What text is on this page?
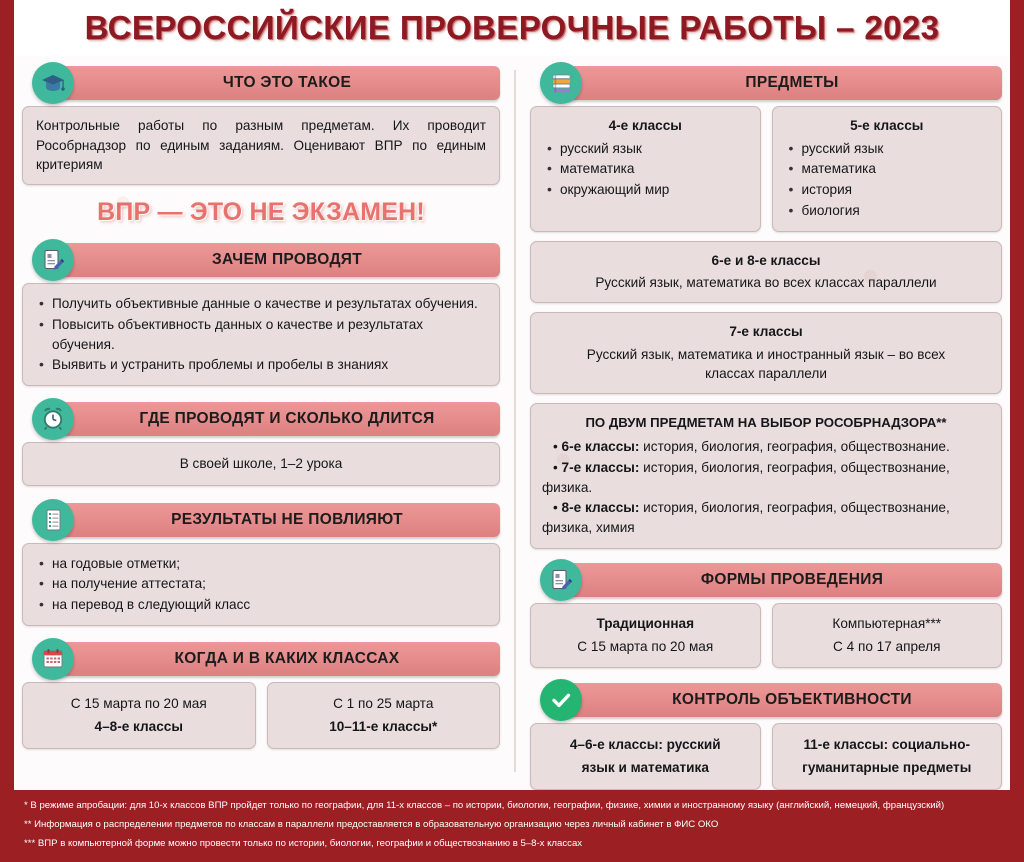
ВСЕРОССИЙСКИЕ ПРОВЕРОЧНЫЕ РАБОТЫ – 2023
ЧТО ЭТО ТАКОЕ
Контрольные работы по разным предметам. Их проводит Рособрнадзор по единым заданиям. Оценивают ВПР по единым критериям
ВПР — ЭТО НЕ ЭКЗАМЕН!
ЗАЧЕМ ПРОВОДЯТ
• Получить объективные данные о качестве и результатах обучения.
• Повысить объективность данных о качестве и результатах обучения.
• Выявить и устранить проблемы и пробелы в знаниях
ГДЕ ПРОВОДЯТ И СКОЛЬКО ДЛИТСЯ
В своей школе, 1–2 урока
РЕЗУЛЬТАТЫ НЕ ПОВЛИЯЮТ
• на годовые отметки;
• на получение аттестата;
• на перевод в следующий класс
КОГДА И В КАКИХ КЛАССАХ
С 15 марта по 20 мая
4–8-е классы
С 1 по 25 марта
10–11-е классы*
ПРЕДМЕТЫ
4-е классы
• русский язык
• математика
• окружающий мир
5-е классы
• русский язык
• математика
• история
• биология
6-е и 8-е классы
Русский язык, математика во всех классах параллели
7-е классы
Русский язык, математика и иностранный язык – во всех классах параллели
ПО ДВУМ ПРЕДМЕТАМ НА ВЫБОР РОСОБРНАДЗОРА**
• 6-е классы: история, биология, география, обществознание.
• 7-е классы: история, биология, география, обществознание, физика.
• 8-е классы: история, биология, география, обществознание, физика, химия
ФОРМЫ ПРОВЕДЕНИЯ
Традиционная
С 15 марта по 20 мая
Компьютерная***
С 4 по 17 апреля
КОНТРОЛЬ ОБЪЕКТИВНОСТИ
4–6-е классы: русский
язык и математика
11-е классы: социально-
гуманитарные предметы

* В режиме апробации: для 10-х классов ВПР пройдет только по географии, для 11-х классов – по истории, биологии, географии, физике, химии и иностранному языку (английский, немецкий, французский)

** Информация о распределении предметов по классам в параллели предоставляется в образовательную организацию через личный кабинет в ФИС ОКО

*** ВПР в компьютерной форме можно провести только по истории, биологии, географии и обществознанию в 5–8-х классах
